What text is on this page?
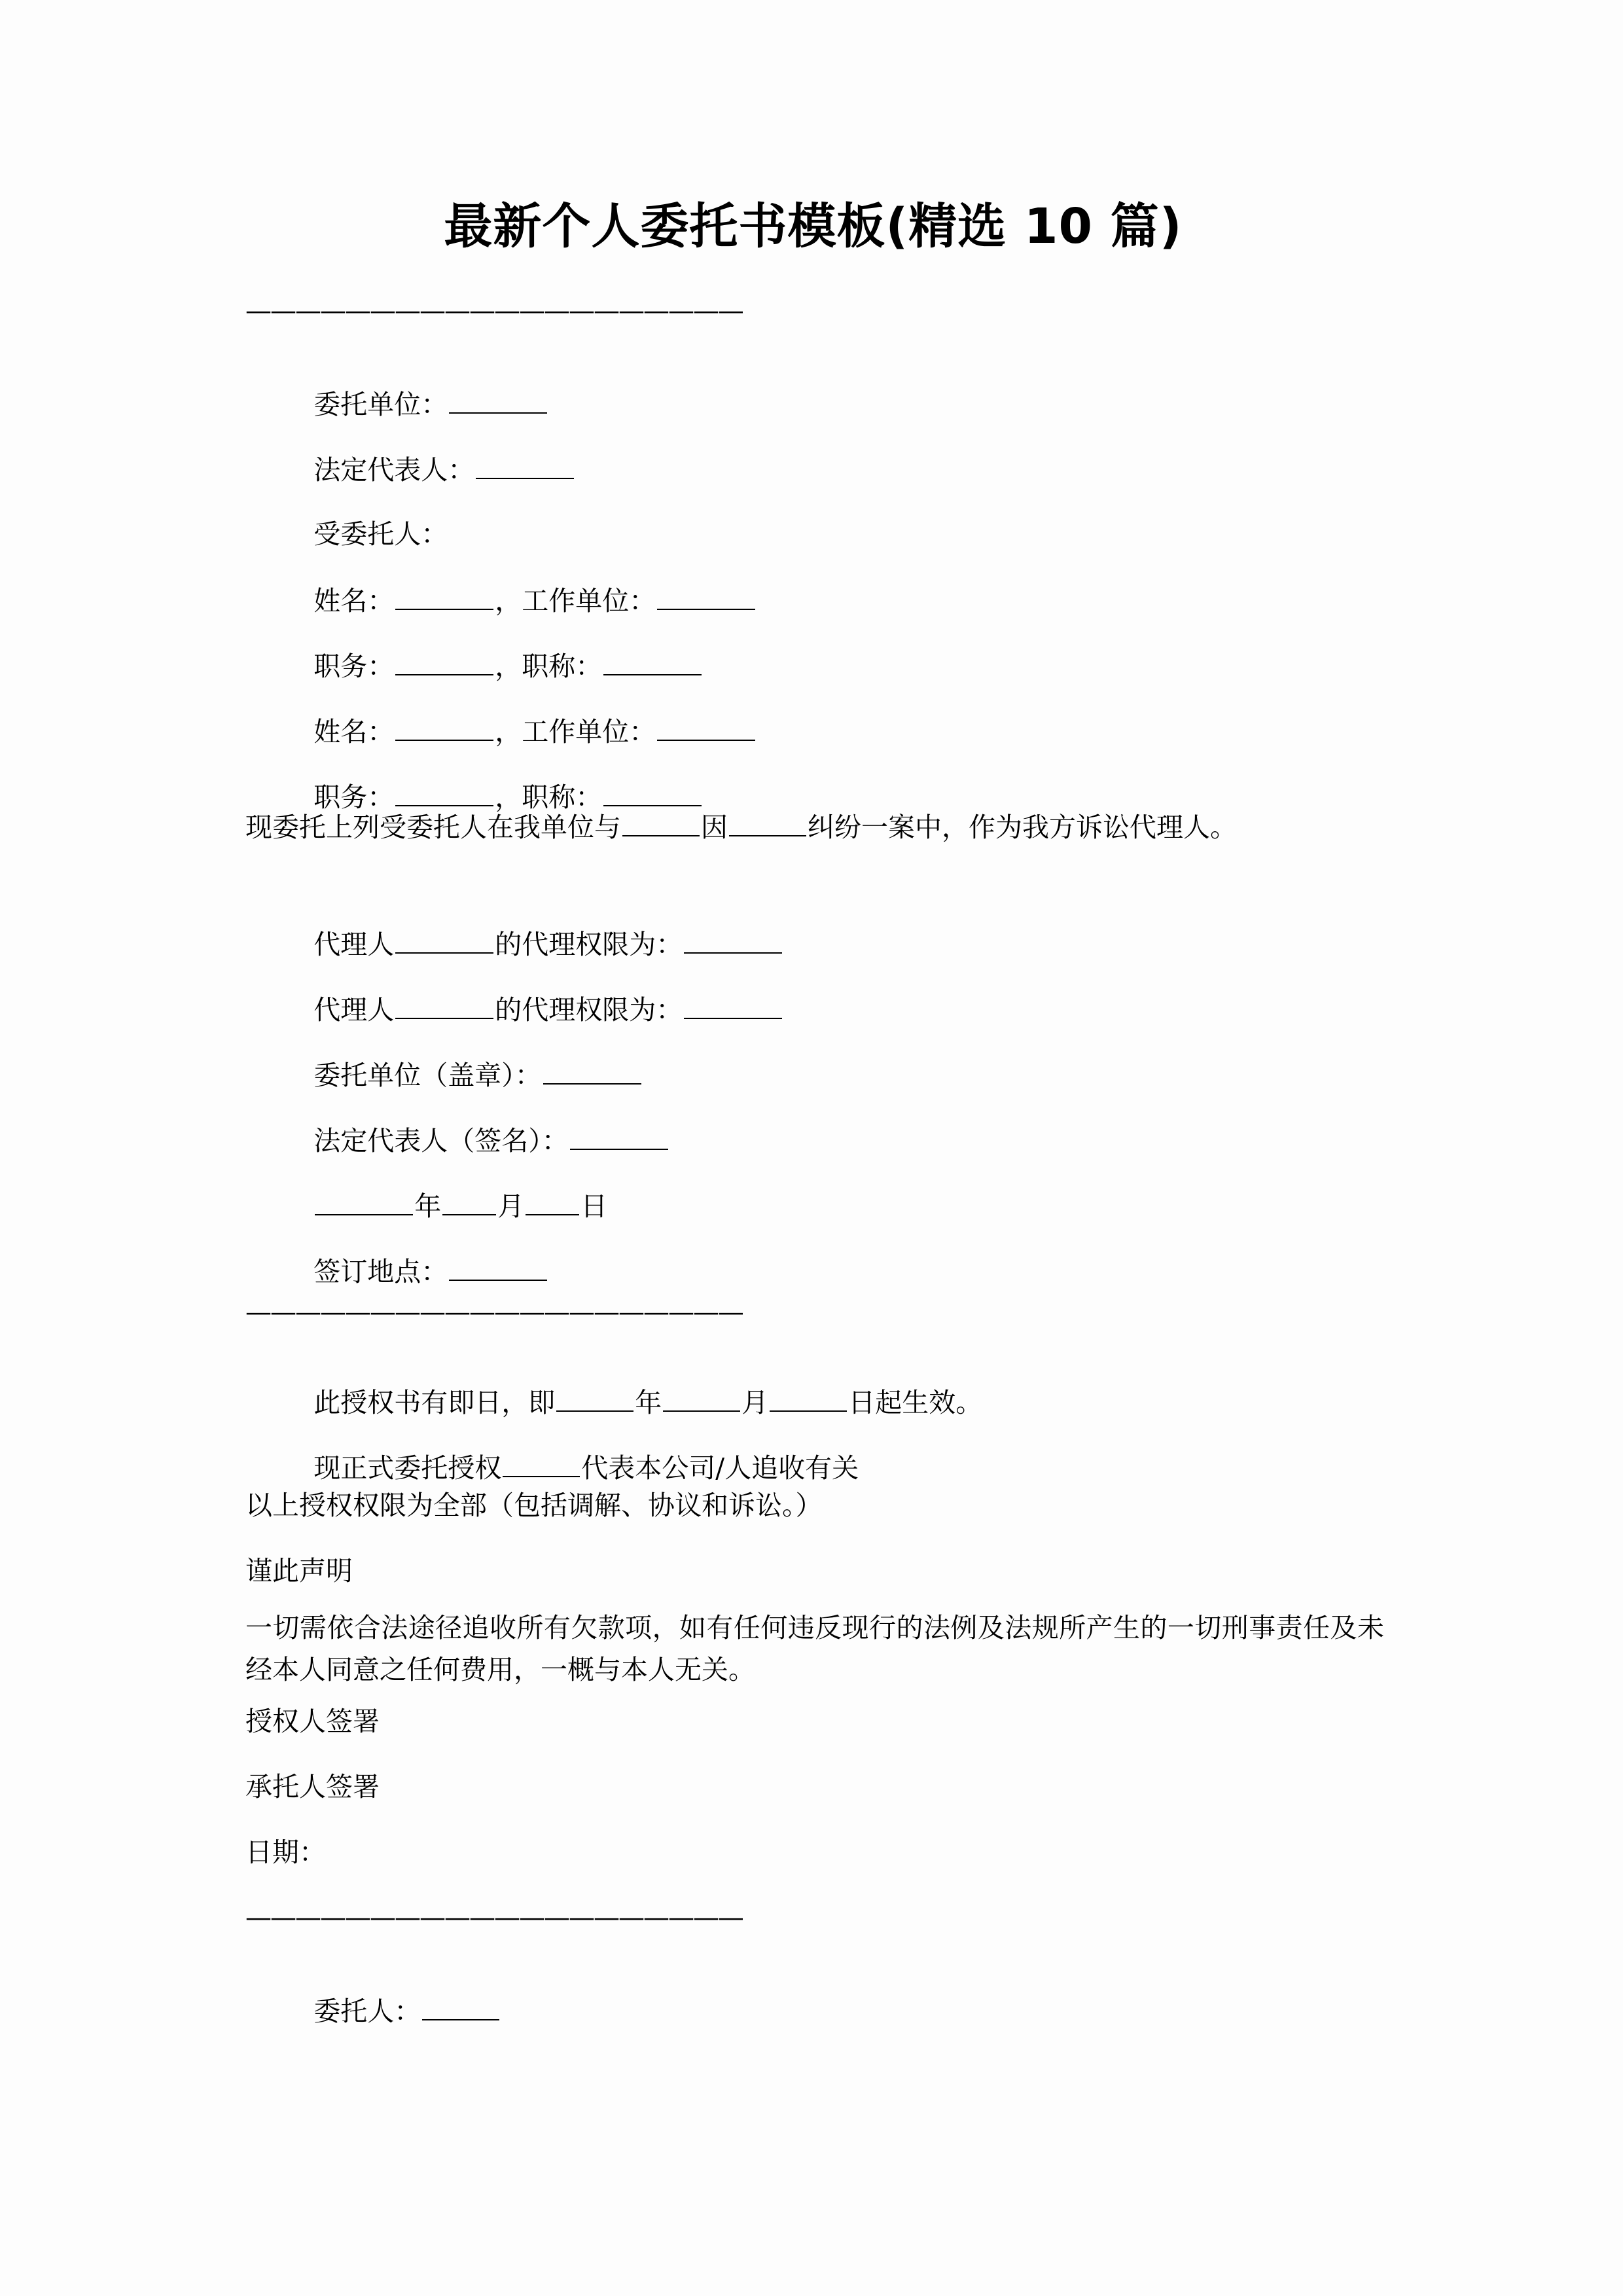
最新个人委托书模板(精选 10 篇)
————————————————————

委托单位：

法定代表人：

受委托人：

姓名：	，工作单位：

职务：	，职称：

姓名：	，工作单位：

职务：	，职称：

现委托上列受委托人在我单位与	因	纠纷一案中，作为我方诉讼代理人。

代理人	的代理权限为：

代理人	的代理权限为：

委托单位（盖章）：

法定代表人（签名）：

年 月 日

签订地点：

————————————————————

此授权书有即日，即	年	月	日起生效。

现正式委托授权	代表本公司/人追收有关

以上授权权限为全部（包括调解、协议和诉讼。）
谨此声明
一切需依合法途径追收所有欠款项，如有任何违反现行的法例及法规所产生的一切刑事责任及未经本人同意之任何费用，一概与本人无关。
授权人签署
承托人签署
日期：
————————————————————

委托人：
